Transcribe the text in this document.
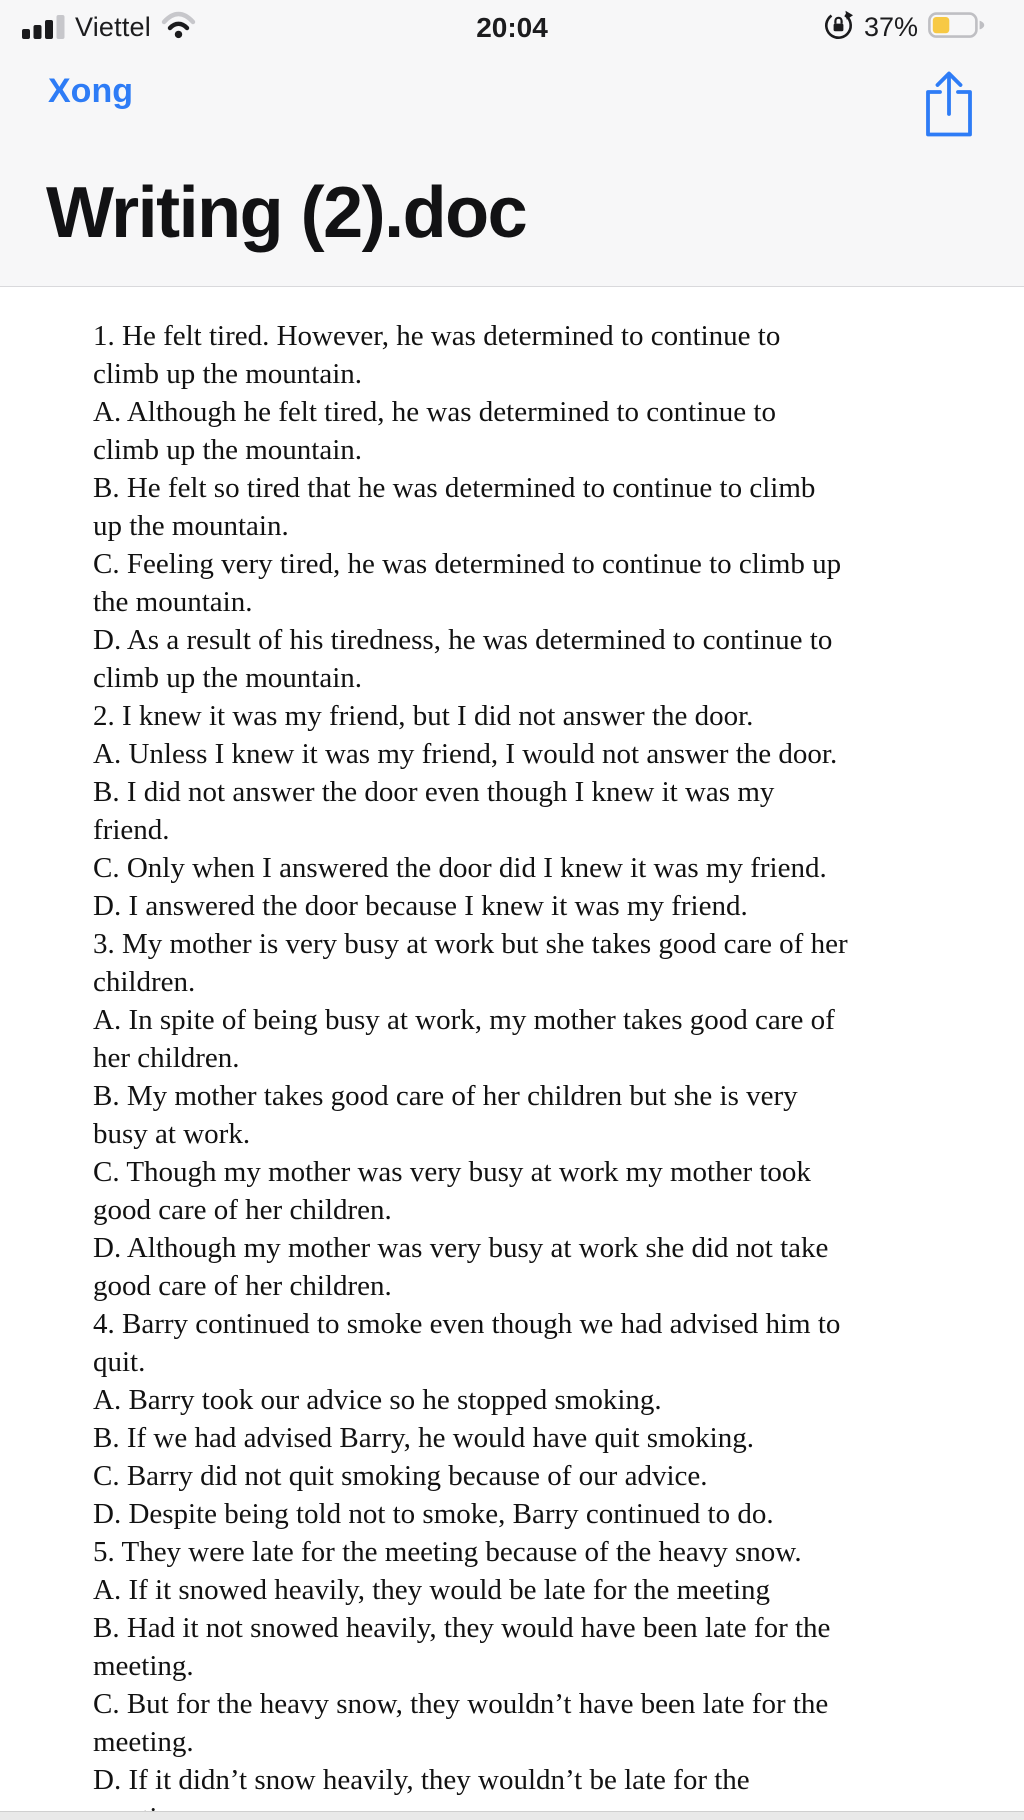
Viettel	20:04	37%
Xong
Writing (2).doc
1. He felt tired. However, he was determined to continue to
climb up the mountain.
A. Although he felt tired, he was determined to continue to
climb up the mountain.
B. He felt so tired that he was determined to continue to climb
up the mountain.
C. Feeling very tired, he was determined to continue to climb up
the mountain.
D. As a result of his tiredness, he was determined to continue to
climb up the mountain.
2. I knew it was my friend, but I did not answer the door.
A. Unless I knew it was my friend, I would not answer the door.
B. I did not answer the door even though I knew it was my
friend.
C. Only when I answered the door did I knew it was my friend.
D. I answered the door because I knew it was my friend.
3. My mother is very busy at work but she takes good care of her
children.
A. In spite of being busy at work, my mother takes good care of
her children.
B. My mother takes good care of her children but she is very
busy at work.
C. Though my mother was very busy at work my mother took
good care of her children.
D. Although my mother was very busy at work she did not take
good care of her children.
4. Barry continued to smoke even though we had advised him to
quit.
A. Barry took our advice so he stopped smoking.
B. If we had advised Barry, he would have quit smoking.
C. Barry did not quit smoking because of our advice.
D. Despite being told not to smoke, Barry continued to do.
5. They were late for the meeting because of the heavy snow.
A. If it snowed heavily, they would be late for the meeting
B. Had it not snowed heavily, they would have been late for the
meeting.
C. But for the heavy snow, they wouldn’t have been late for the
meeting.
D. If it didn’t snow heavily, they wouldn’t be late for the
